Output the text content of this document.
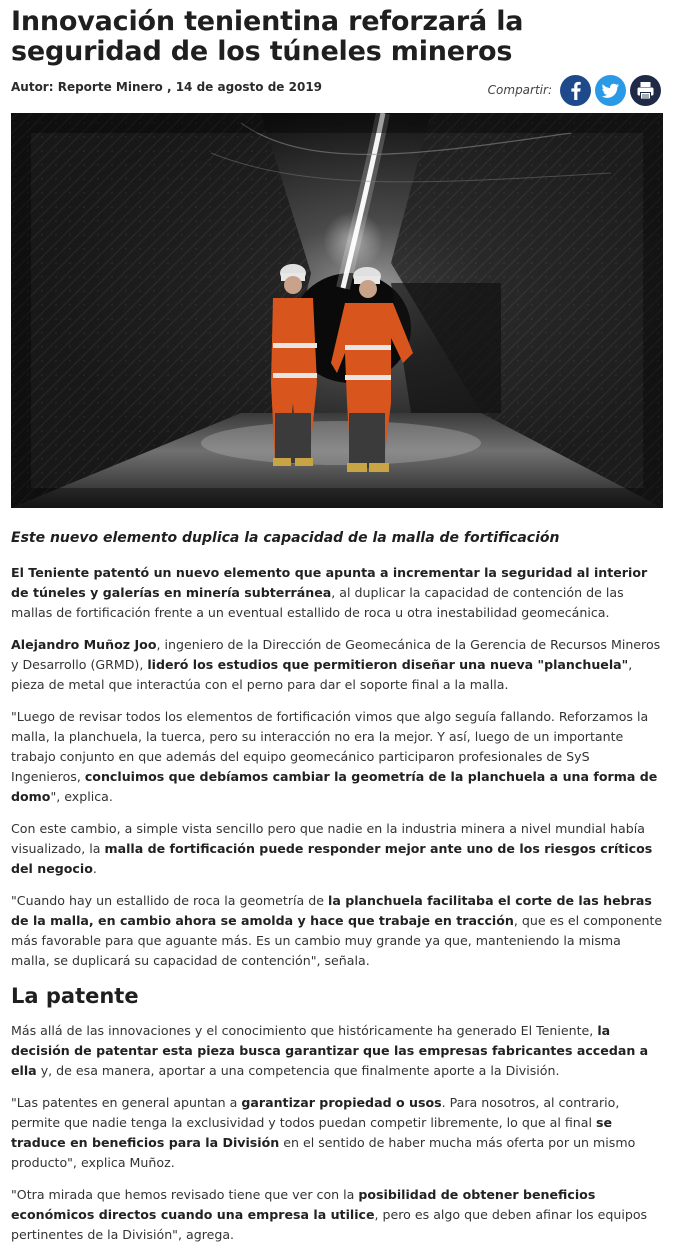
Innovación tenientina reforzará la seguridad de los túneles mineros

Autor: Reporte Minero , 14 de agosto de 2019	Compartir:

Este nuevo elemento duplica la capacidad de la malla de fortificación

El Teniente patentó un nuevo elemento que apunta a incrementar la seguridad al interior de túneles y galerías en minería subterránea, al duplicar la capacidad de contención de las mallas de fortificación frente a un eventual estallido de roca u otra inestabilidad geomecánica.

Alejandro Muñoz Joo, ingeniero de la Dirección de Geomecánica de la Gerencia de Recursos Mineros y Desarrollo (GRMD), lideró los estudios que permitieron diseñar una nueva "planchuela", pieza de metal que interactúa con el perno para dar el soporte final a la malla.

"Luego de revisar todos los elementos de fortificación vimos que algo seguía fallando. Reforzamos la malla, la planchuela, la tuerca, pero su interacción no era la mejor. Y así, luego de un importante trabajo conjunto en que además del equipo geomecánico participaron profesionales de SyS Ingenieros, concluimos que debíamos cambiar la geometría de la planchuela a una forma de domo", explica.

Con este cambio, a simple vista sencillo pero que nadie en la industria minera a nivel mundial había visualizado, la malla de fortificación puede responder mejor ante uno de los riesgos críticos del negocio.

"Cuando hay un estallido de roca la geometría de la planchuela facilitaba el corte de las hebras de la malla, en cambio ahora se amolda y hace que trabaje en tracción, que es el componente más favorable para que aguante más. Es un cambio muy grande ya que, manteniendo la misma malla, se duplicará su capacidad de contención", señala.

La patente

Más allá de las innovaciones y el conocimiento que históricamente ha generado El Teniente, la decisión de patentar esta pieza busca garantizar que las empresas fabricantes accedan a ella y, de esa manera, aportar a una competencia que finalmente aporte a la División.

"Las patentes en general apuntan a garantizar propiedad o usos. Para nosotros, al contrario, permite que nadie tenga la exclusividad y todos puedan competir libremente, lo que al final se traduce en beneficios para la División en el sentido de haber mucha más oferta por un mismo producto", explica Muñoz.

"Otra mirada que hemos revisado tiene que ver con la posibilidad de obtener beneficios económicos directos cuando una empresa la utilice, pero es algo que deben afinar los equipos pertinentes de la División", agrega.
